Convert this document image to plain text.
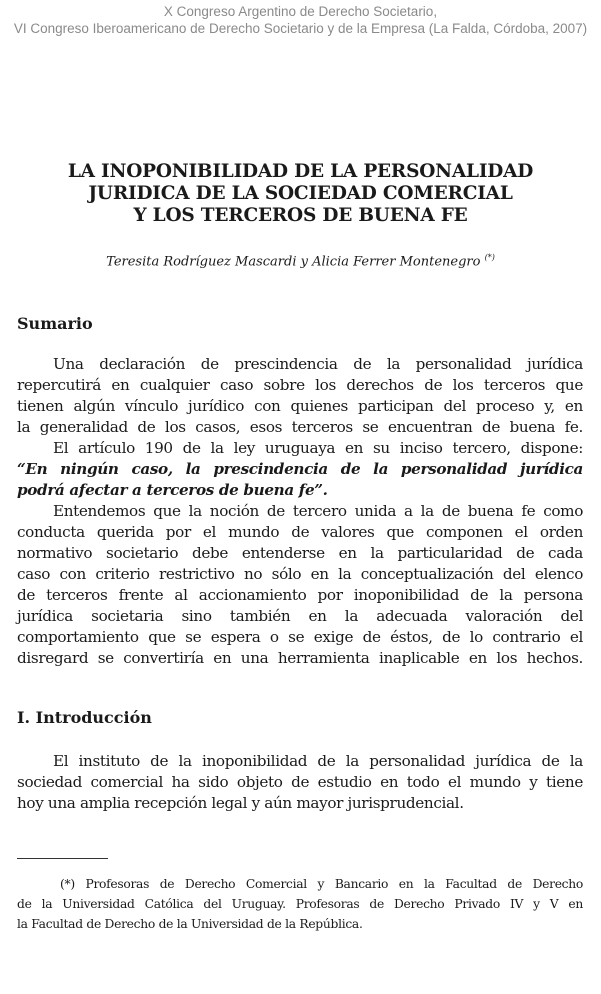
X Congreso Argentino de Derecho Societario,
VI Congreso Iberoamericano de Derecho Societario y de la Empresa (La Falda, Córdoba, 2007)
LA INOPONIBILIDAD DE LA PERSONALIDAD
JURIDICA DE LA SOCIEDAD COMERCIAL
Y LOS TERCEROS DE BUENA FE
Teresita Rodríguez Mascardi y Alicia Ferrer Montenegro (*)
Sumario
Una declaración de prescindencia de la personalidad jurídica
repercutirá en cualquier caso sobre los derechos de los terceros que
tienen algún vínculo jurídico con quienes participan del proceso y, en
la generalidad de los casos, esos terceros se encuentran de buena fe.
El artículo 190 de la ley uruguaya en su inciso tercero, dispone:
“En ningún caso, la prescindencia de la personalidad jurídica
podrá afectar a terceros de buena fe”.
Entendemos que la noción de tercero unida a la de buena fe como
conducta querida por el mundo de valores que componen el orden
normativo societario debe entenderse en la particularidad de cada
caso con criterio restrictivo no sólo en la conceptualización del elenco
de terceros frente al accionamiento por inoponibilidad de la persona
jurídica societaria sino también en la adecuada valoración del
comportamiento que se espera o se exige de éstos, de lo contrario el
disregard se convertiría en una herramienta inaplicable en los hechos.
I. Introducción
El instituto de la inoponibilidad de la personalidad jurídica de la
sociedad comercial ha sido objeto de estudio en todo el mundo y tiene
hoy una amplia recepción legal y aún mayor jurisprudencial.
(*) Profesoras de Derecho Comercial y Bancario en la Facultad de Derecho
de la Universidad Católica del Uruguay. Profesoras de Derecho Privado IV y V en
la Facultad de Derecho de la Universidad de la República.
